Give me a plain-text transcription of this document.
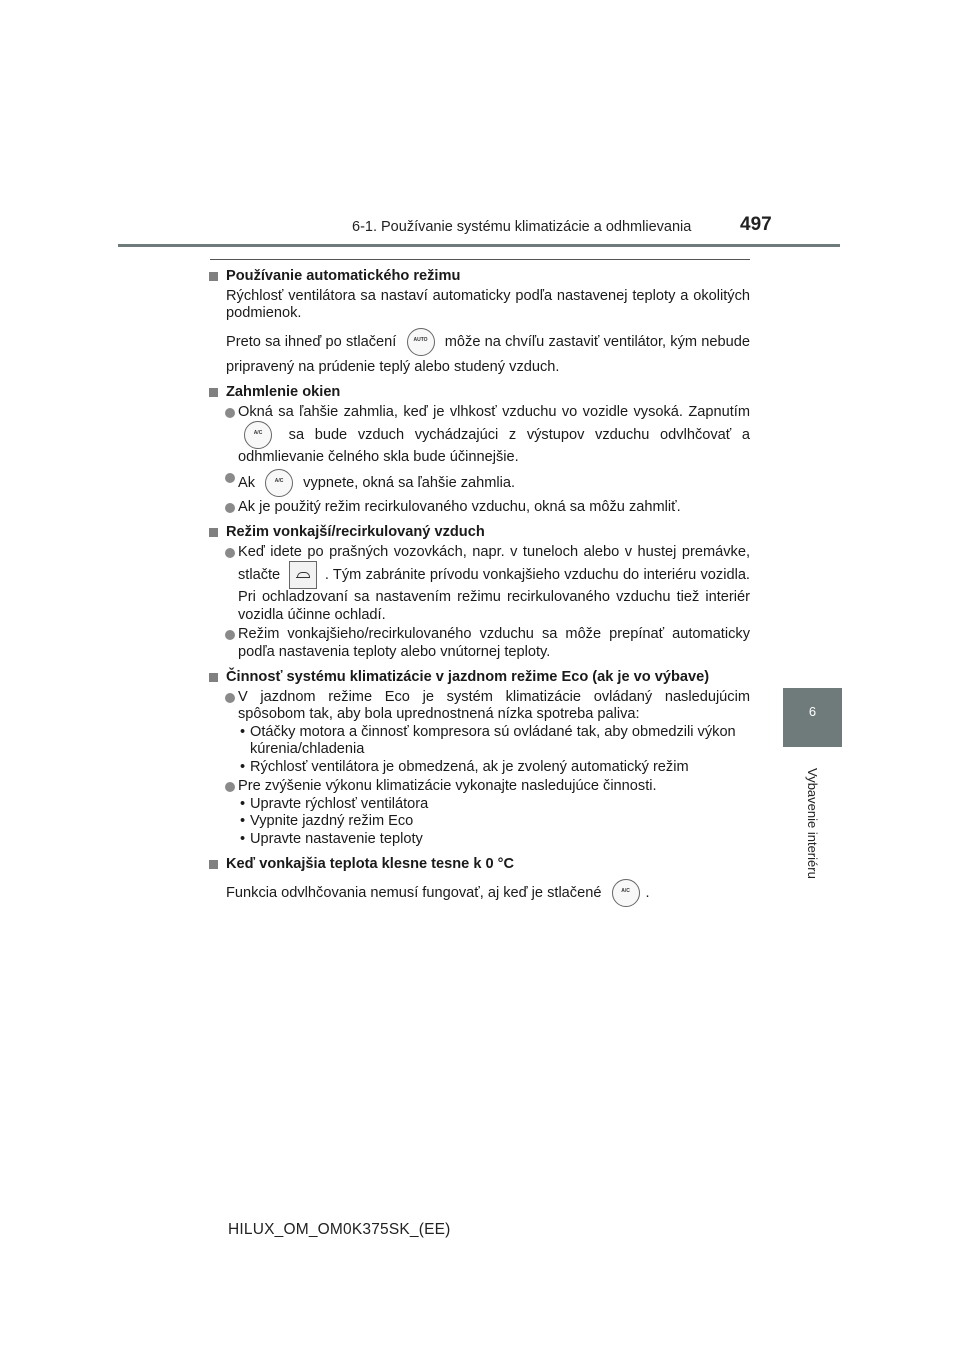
6-1. Používanie systému klimatizácie a odhmlievania	497
6
Vybavenie interiéru
Používanie automatického režimu
Rýchlosť ventilátora sa nastaví automaticky podľa nastavenej teploty a okolitých podmienok.
Preto sa ihneď po stlačení	AUTO	môže na chvíľu zastaviť ventilátor, kým nebude pripravený na prúdenie teplý alebo studený vzduch.
Zahmlenie okien
Okná sa ľahšie zahmlia, keď je vlhkosť vzduchu vo vozidle vysoká. Zapnutím
A/C	sa bude vzduch vychádzajúci z výstupov vzduchu odvlhčovať a odhmlievanie čelného skla bude účinnejšie.
Ak	A/C	vypnete, okná sa ľahšie zahmlia.
Ak je použitý režim recirkulovaného vzduchu, okná sa môžu zahmliť.
Režim vonkajší/recirkulovaný vzduch
Keď idete po prašných vozovkách, napr. v tuneloch alebo v hustej premávke, stlačte	. Tým zabránite prívodu vonkajšieho vzduchu do interiéru vozidla. Pri ochladzovaní sa nastavením režimu recirkulovaného vzduchu tiež interiér vozidla účinne ochladí.
Režim vonkajšieho/recirkulovaného vzduchu sa môže prepínať automaticky podľa nastavenia teploty alebo vnútornej teploty.
Činnosť systému klimatizácie v jazdnom režime Eco (ak je vo výbave)
V jazdnom režime Eco je systém klimatizácie ovládaný nasledujúcim spôsobom tak, aby bola uprednostnená nízka spotreba paliva:
• Otáčky motora a činnosť kompresora sú ovládané tak, aby obmedzili výkon kúrenia/chladenia
• Rýchlosť ventilátora je obmedzená, ak je zvolený automatický režim
Pre zvýšenie výkonu klimatizácie vykonajte nasledujúce činnosti.
• Upravte rýchlosť ventilátora
• Vypnite jazdný režim Eco
• Upravte nastavenie teploty
Keď vonkajšia teplota klesne tesne k 0 °C
Funkcia odvlhčovania nemusí fungovať, aj keď je stlačené	A/C	.
HILUX_OM_OM0K375SK_(EE)
